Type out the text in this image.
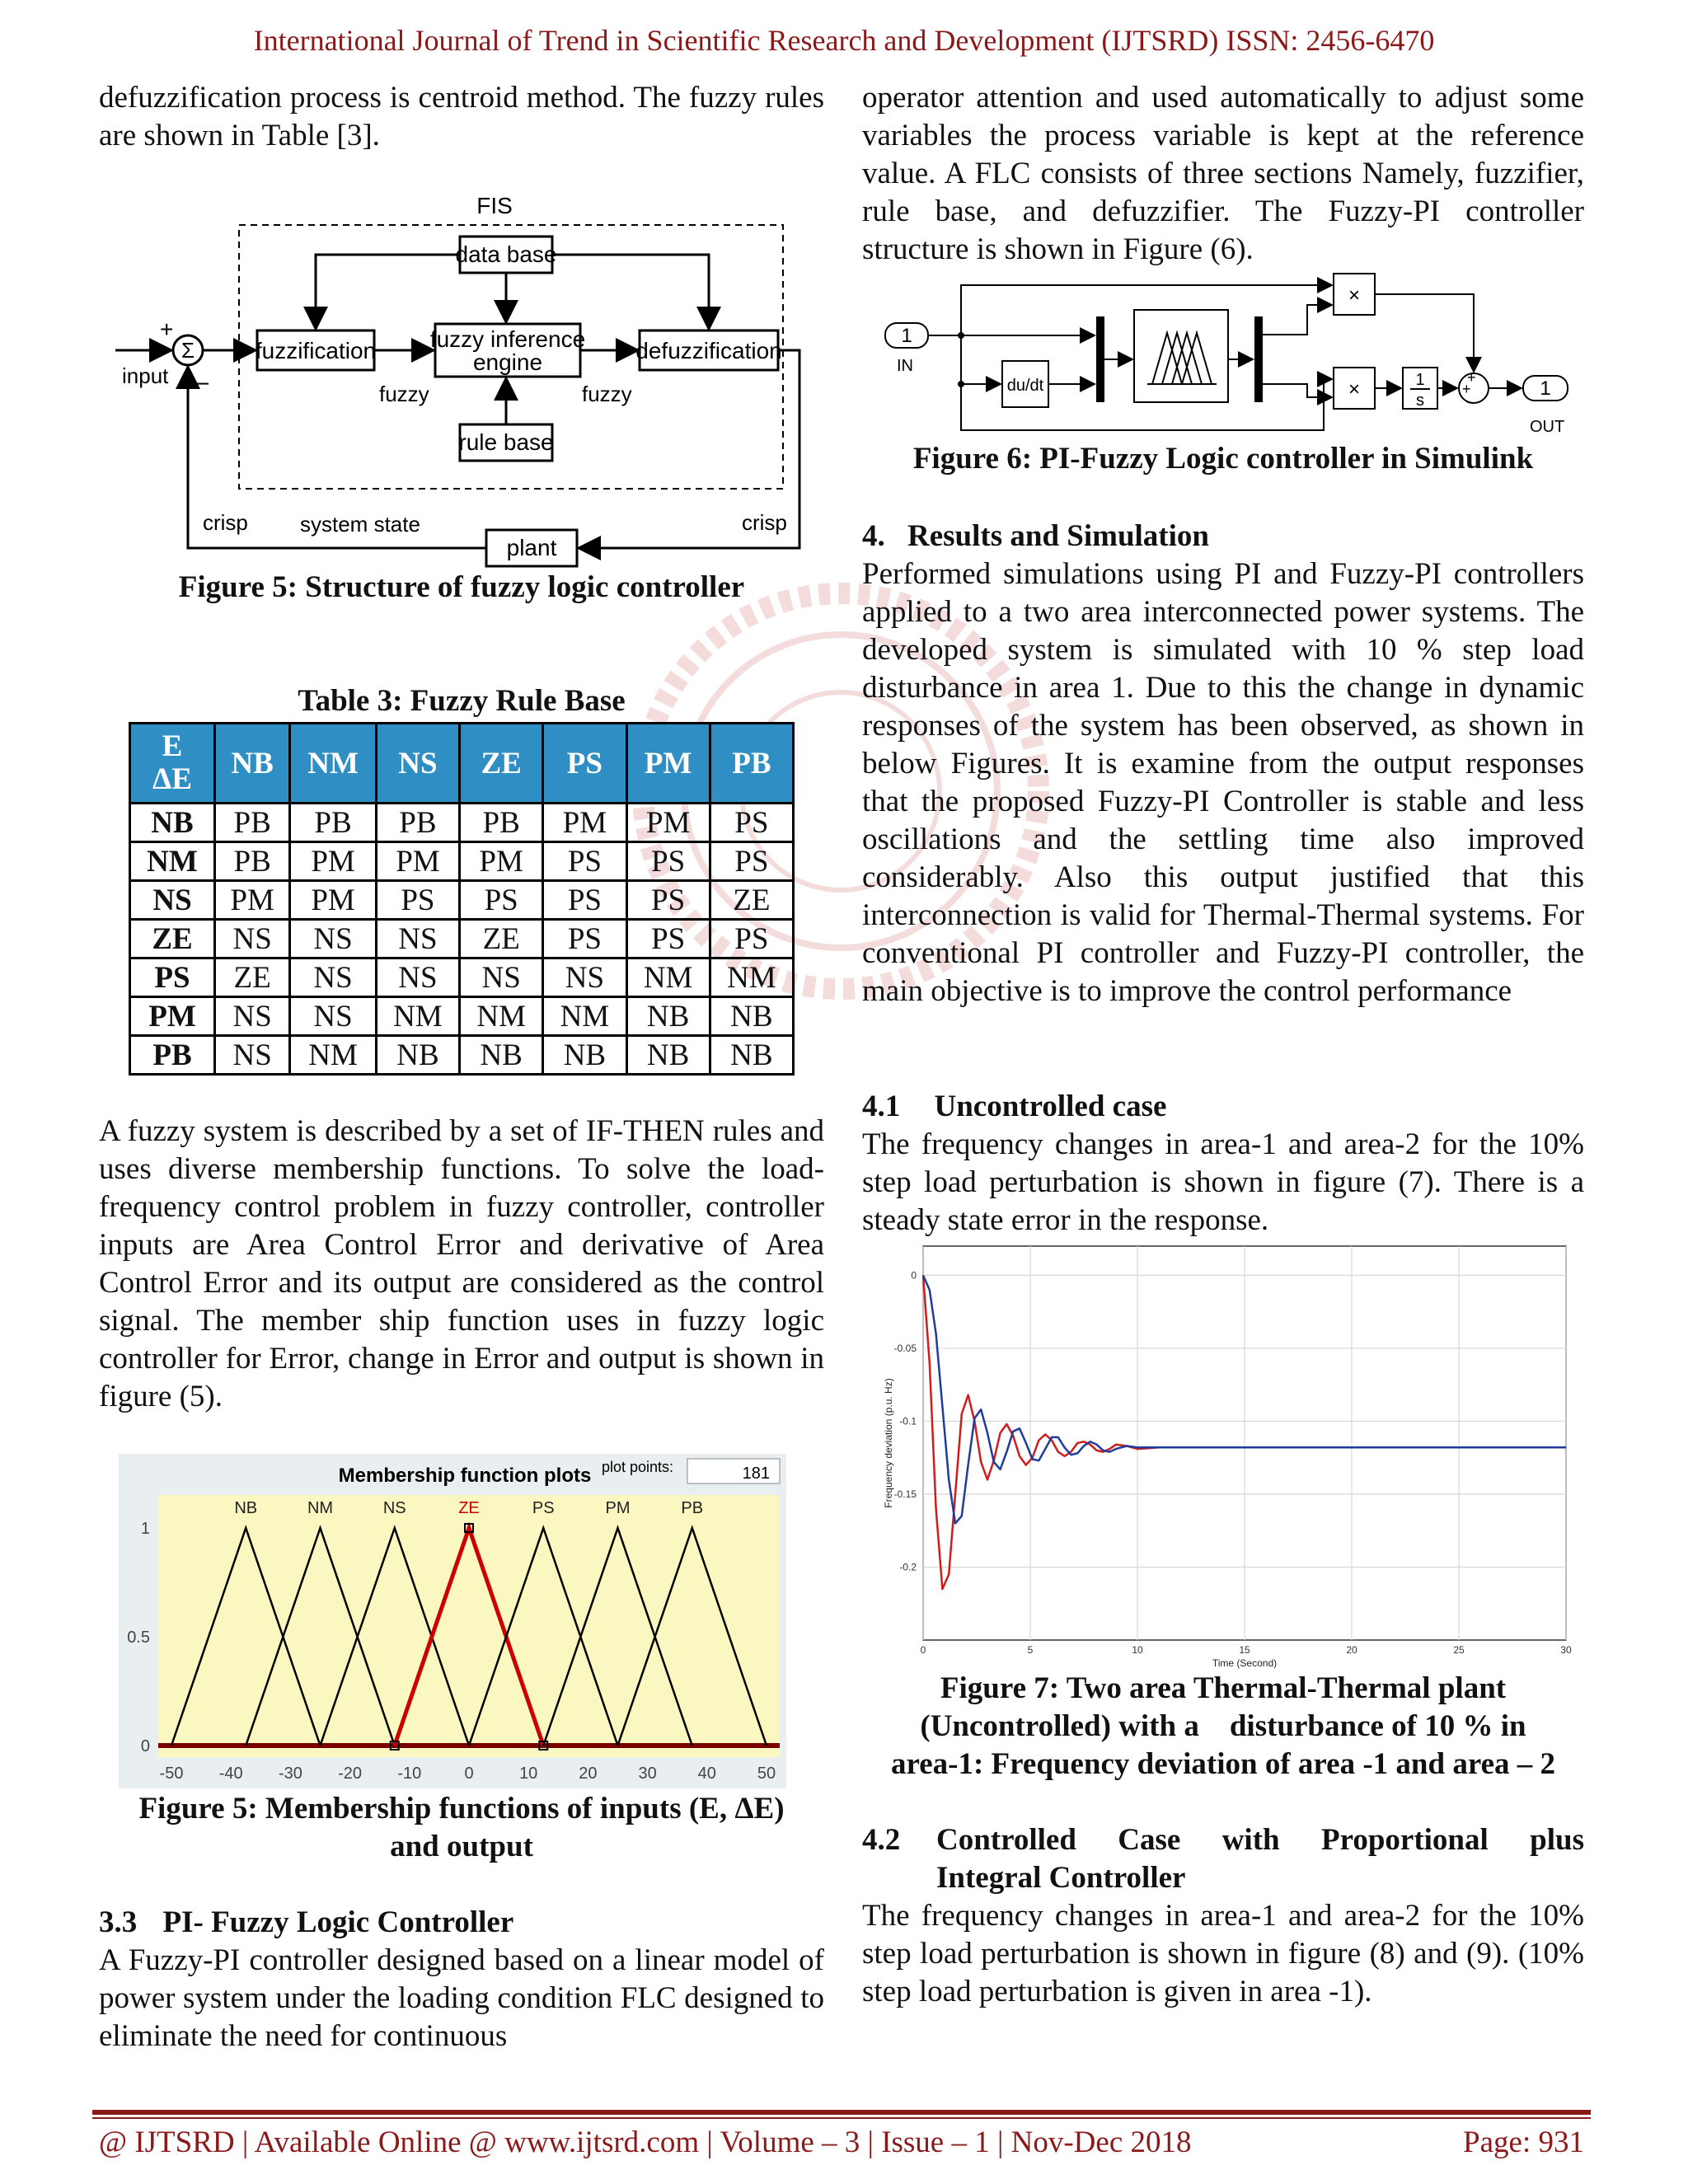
International Journal of Trend in Scientific Research and Development (IJTSRD) ISSN: 2456-6470

defuzzification process is centroid method. The fuzzy rules are shown in Table [3].

FIS
data base
fuzzification fuzzy inference
engine	defuzzification
rule base
plant
Σ
+
−
input
fuzzy	fuzzy
crisp	crisp
system state
Figure 5: Structure of fuzzy logic controller
Table 3: Fuzzy Rule Base
E
ΔE	NB	NM	NS	ZE	PS	PM	PB
NB	PB	PB	PB	PB	PM	PM	PS
NM	PB	PM	PM	PM	PS	PS	PS
NS	PM	PM	PS	PS	PS	PS	ZE
ZE	NS	NS	NS	ZE	PS	PS	PS
PS	ZE	NS	NS	NS	NS	NM	NM
PM	NS	NS	NM	NM	NM	NB	NB
PB	NS	NM	NB	NB	NB	NB	NB

A fuzzy system is described by a set of IF-THEN rules and uses diverse membership functions. To solve the load-frequency control problem in fuzzy controller, controller inputs are Area Control Error and derivative of Area Control Error and its output are considered as the control signal. The member ship function uses in fuzzy logic controller for Error, change in Error and output is shown in figure (5).

Membership function plots plot points:	181
-50 -40 -30 -20 -10	0	10 20 30 40 50
0
0.5
1
NB	NM	NS	ZE	PS	PM	PB
Figure 5: Membership functions of inputs (E, ΔE)
and output
3.3 PI- Fuzzy Logic Controller

A Fuzzy-PI controller designed based on a linear model of power system under the loading condition FLC designed to eliminate the need for continuous

operator attention and used automatically to adjust some variables the process variable is kept at the reference value. A FLC consists of three sections Namely, fuzzifier, rule base, and defuzzifier. The Fuzzy-PI controller structure is shown in Figure (6).

1
IN
du/dt
×
×	1
s
+
+	1
OUT
Figure 6: PI-Fuzzy Logic controller in Simulink
4. Results and Simulation

Performed simulations using PI and Fuzzy-PI controllers applied to a two area interconnected power systems. The developed system is simulated with 10 % step load disturbance in area 1. Due to this the change in dynamic responses of the system has been observed, as shown in below Figures. It is examine from the output responses that the proposed Fuzzy-PI Controller is stable and less oscillations and the settling time also improved considerably. Also this output justified that this interconnection is valid for Thermal-Thermal systems. For conventional PI controller and Fuzzy-PI controller, the main objective is to improve the control performance

4.1 Uncontrolled case

The frequency changes in area-1 and area-2 for the 10% step load perturbation is shown in figure (7). There is a steady state error in the response.

0	5	10	15	20	25	30
0
-0.05
-0.1
-0.15
-0.2
Time (Second)
Frequency deviation (p.u. Hz)
Figure 7: Two area Thermal-Thermal plant
(Uncontrolled) with a    disturbance of 10 % in
area-1: Frequency deviation of area -1 and area – 2
4.2	Controlled Case with Proportional plus
Integral Controller

The frequency changes in area-1 and area-2 for the 10% step load perturbation is shown in figure (8) and (9). (10% step load perturbation is given in area -1).

@ IJTSRD | Available Online @ www.ijtsrd.com | Volume – 3 | Issue – 1 | Nov-Dec 2018	Page: 931
